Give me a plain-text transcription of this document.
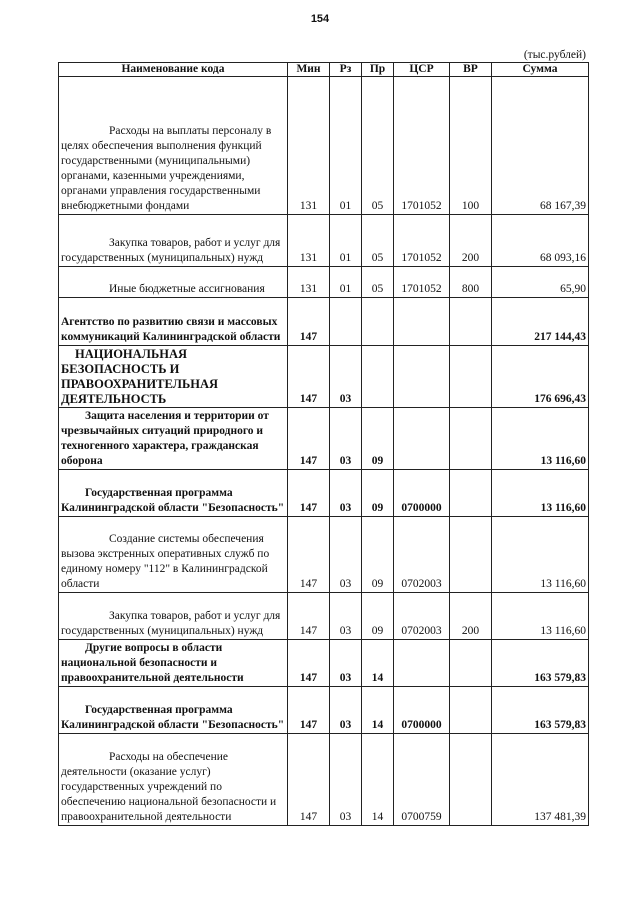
154
(тыс.рублей)
Наименование кода	Мин	Рз	Пр	ЦСР	ВР	Сумма
Расходы на выплаты персоналу в целях обеспечения выполнения функций государственными (муниципальными) органами, казенными учреждениями, органами управления государственными внебюджетными фондами	131	01	05	1701052	100	68 167,39
Закупка товаров, работ и услуг для государственных (муниципальных) нужд	131	01	05	1701052	200	68 093,16
Иные бюджетные ассигнования	131	01	05	1701052	800	65,90
Агентство по развитию связи и массовых коммуникаций Калининградской области	147					217 144,43
НАЦИОНАЛЬНАЯ БЕЗОПАСНОСТЬ И ПРАВООХРАНИТЕЛЬНАЯ ДЕЯТЕЛЬНОСТЬ	147	03				176 696,43
Защита населения и территории от чрезвычайных ситуаций природного и техногенного характера, гражданская оборона	147	03	09			13 116,60
Государственная программа Калининградской области "Безопасность"	147	03	09	0700000		13 116,60
Создание системы обеспечения вызова экстренных оперативных служб по единому номеру "112" в Калининградской области	147	03	09	0702003		13 116,60
Закупка товаров, работ и услуг для государственных (муниципальных) нужд	147	03	09	0702003	200	13 116,60
Другие вопросы в области национальной безопасности и правоохранительной деятельности	147	03	14			163 579,83
Государственная программа Калининградской области "Безопасность"	147	03	14	0700000		163 579,83
Расходы на обеспечение деятельности (оказание услуг) государственных учреждений по обеспечению национальной безопасности и правоохранительной деятельности	147	03	14	0700759		137 481,39
